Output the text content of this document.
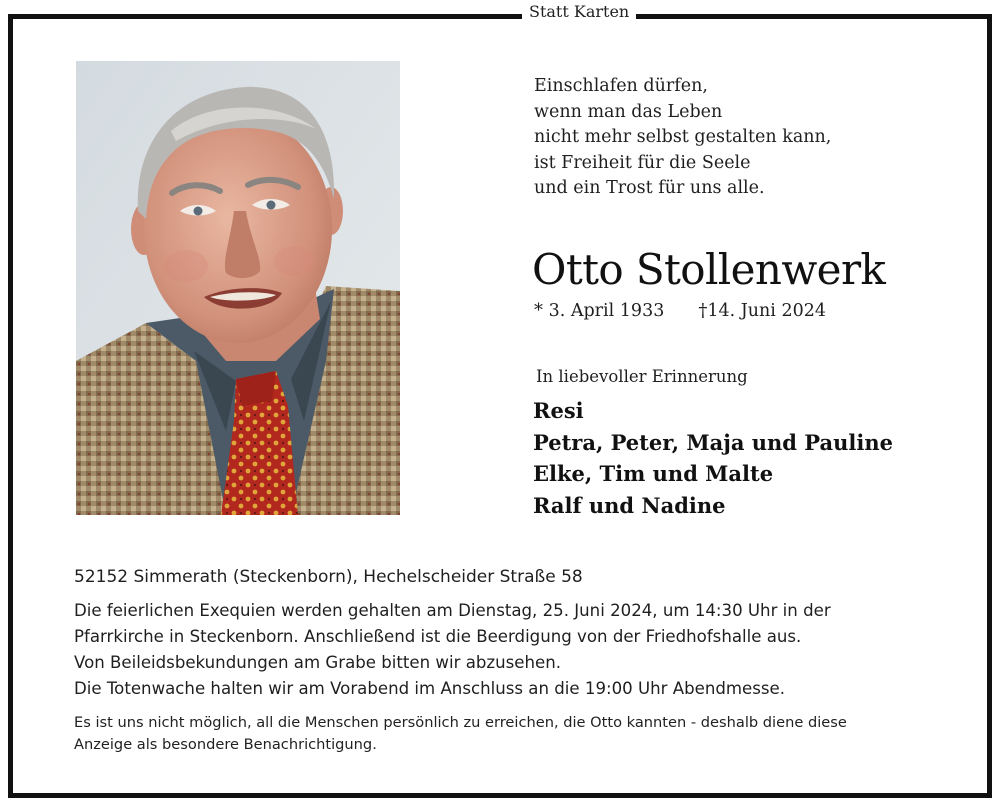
Statt Karten
Einschlafen dürfen,
wenn man das Leben
nicht mehr selbst gestalten kann,
ist Freiheit für die Seele
und ein Trost für uns alle.
Otto Stollenwerk
* 3. April 1933 †14. Juni 2024
In liebevoller Erinnerung
Resi
Petra, Peter, Maja und Pauline
Elke, Tim und Malte
Ralf und Nadine
52152 Simmerath (Steckenborn), Hechelscheider Straße 58
Die feierlichen Exequien werden gehalten am Dienstag, 25. Juni 2024, um 14:30 Uhr in der
Pfarrkirche in Steckenborn. Anschließend ist die Beerdigung von der Friedhofshalle aus.
Von Beileidsbekundungen am Grabe bitten wir abzusehen.
Die Totenwache halten wir am Vorabend im Anschluss an die 19:00 Uhr Abendmesse.
Es ist uns nicht möglich, all die Menschen persönlich zu erreichen, die Otto kannten - deshalb diene diese
Anzeige als besondere Benachrichtigung.
